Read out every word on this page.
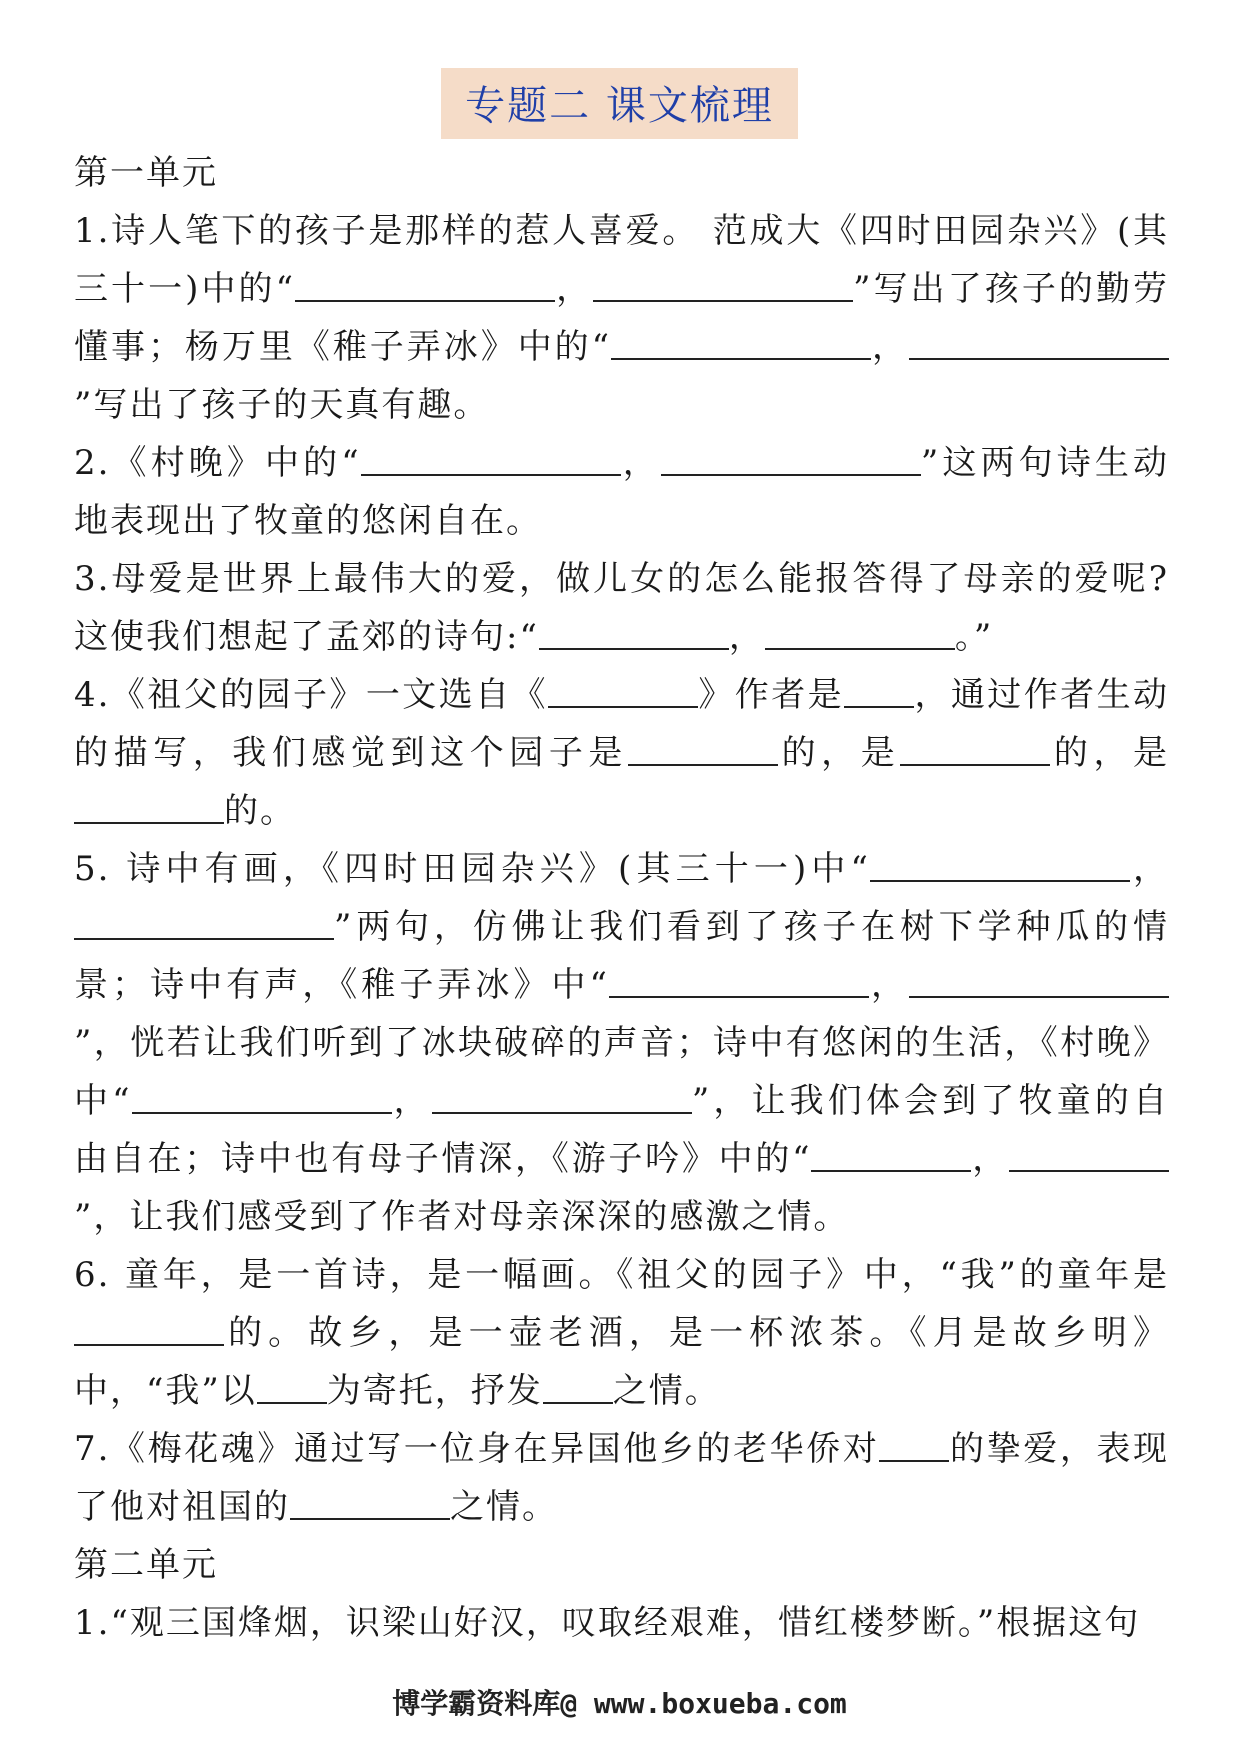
专题二 课文梳理
第一单元
1.诗人笔下的孩子是那样的惹人喜爱。 范成大《四时田园杂兴》(其三十一)中的“	，	”写出了孩子的勤劳懂事；杨万里《稚子弄冰》中的“	，”写出了孩子的天真有趣。
2.《村晚》中的“	，	”这两句诗生动地表现出了牧童的悠闲自在。
3.母爱是世界上最伟大的爱，做儿女的怎么能报答得了母亲的爱呢?这使我们想起了孟郊的诗句:“	，	。”
4.《祖父的园子》一文选自《	》作者是 ，通过作者生动的描写，我们感觉到这个园子是	的，是	的，是的。
5. 诗中有画，《四时田园杂兴》(其三十一)中“	，”两句，仿佛让我们看到了孩子在树下学种瓜的情景；诗中有声，《稚子弄冰》中“	，”，恍若让我们听到了冰块破碎的声音；诗中有悠闲的生活，《村晚》中“	，	”，让我们体会到了牧童的自由自在；诗中也有母子情深，《游子吟》中的“	，”，让我们感受到了作者对母亲深深的感激之情。
6. 童年，是一首诗，是一幅画。《祖父的园子》中，“我”的童年是的。故乡，是一壶老酒，是一杯浓茶。《月是故乡明》中，“我”以 为寄托，抒发 之情。
7.《梅花魂》通过写一位身在异国他乡的老华侨对 的挚爱，表现了他对祖国的	之情。
第二单元
1.“观三国烽烟，识梁山好汉，叹取经艰难，惜红楼梦断。”根据这句
博学霸资料库@ www.boxueba.com
